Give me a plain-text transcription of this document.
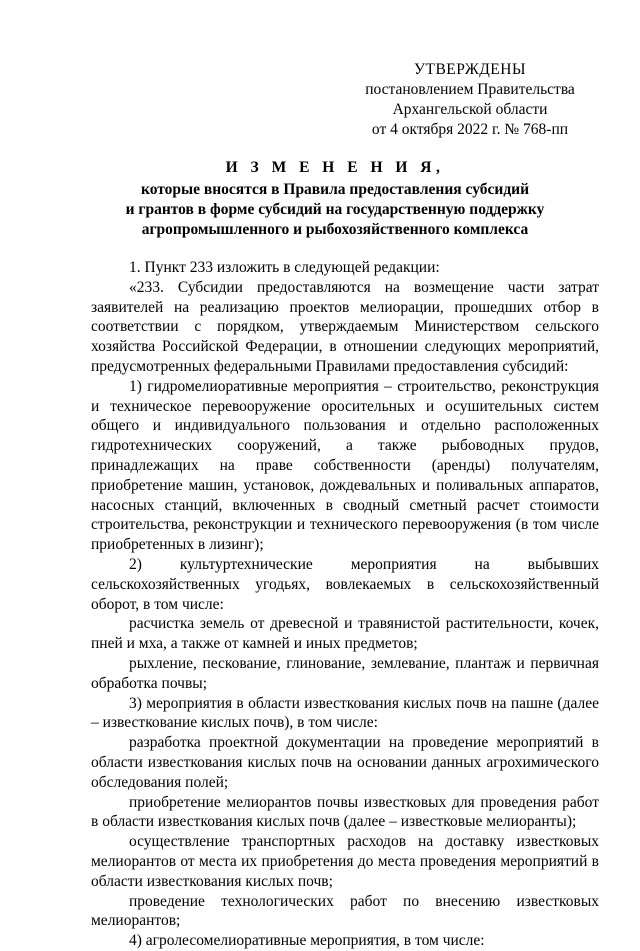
УТВЕРЖДЕНЫ
постановлением Правительства
Архангельской области
от 4 октября 2022 г. № 768-пп
И З М Е Н Е Н И Я,
которые вносятся в Правила предоставления субсидий
и грантов в форме субсидий на государственную поддержку
агропромышленного и рыбохозяйственного комплекса

1. Пункт 233 изложить в следующей редакции:

«233. Субсидии предоставляются на возмещение части затрат заявителей на реализацию проектов мелиорации, прошедших отбор в соответствии с порядком, утверждаемым Министерством сельского хозяйства Российской Федерации, в отношении следующих мероприятий, предусмотренных федеральными Правилами предоставления субсидий:

1) гидромелиоративные мероприятия – строительство, реконструкция и техническое перевооружение оросительных и осушительных систем общего и индивидуального пользования и отдельно расположенных гидротехнических сооружений, а также рыбоводных прудов, принадлежащих на праве собственности (аренды) получателям, приобретение машин, установок, дождевальных и поливальных аппаратов, насосных станций, включенных в сводный сметный расчет стоимости строительства, реконструкции и технического перевооружения (в том числе приобретенных в лизинг);

2) культуртехнические мероприятия на выбывших сельскохозяйственных угодьях, вовлекаемых в сельскохозяйственный оборот, в том числе:

расчистка земель от древесной и травянистой растительности, кочек, пней и мха, а также от камней и иных предметов;

рыхление, пескование, глинование, землевание, плантаж и первичная обработка почвы;

3) мероприятия в области известкования кислых почв на пашне (далее – известкование кислых почв), в том числе:

разработка проектной документации на проведение мероприятий в области известкования кислых почв на основании данных агрохимического обследования полей;

приобретение мелиорантов почвы известковых для проведения работ в области известкования кислых почв (далее – известковые мелиоранты);

осуществление транспортных расходов на доставку известковых мелиорантов от места их приобретения до места проведения мероприятий в области известкования кислых почв;

проведение технологических работ по внесению известковых мелиорантов;

4) агролесомелиоративные мероприятия, в том числе:
